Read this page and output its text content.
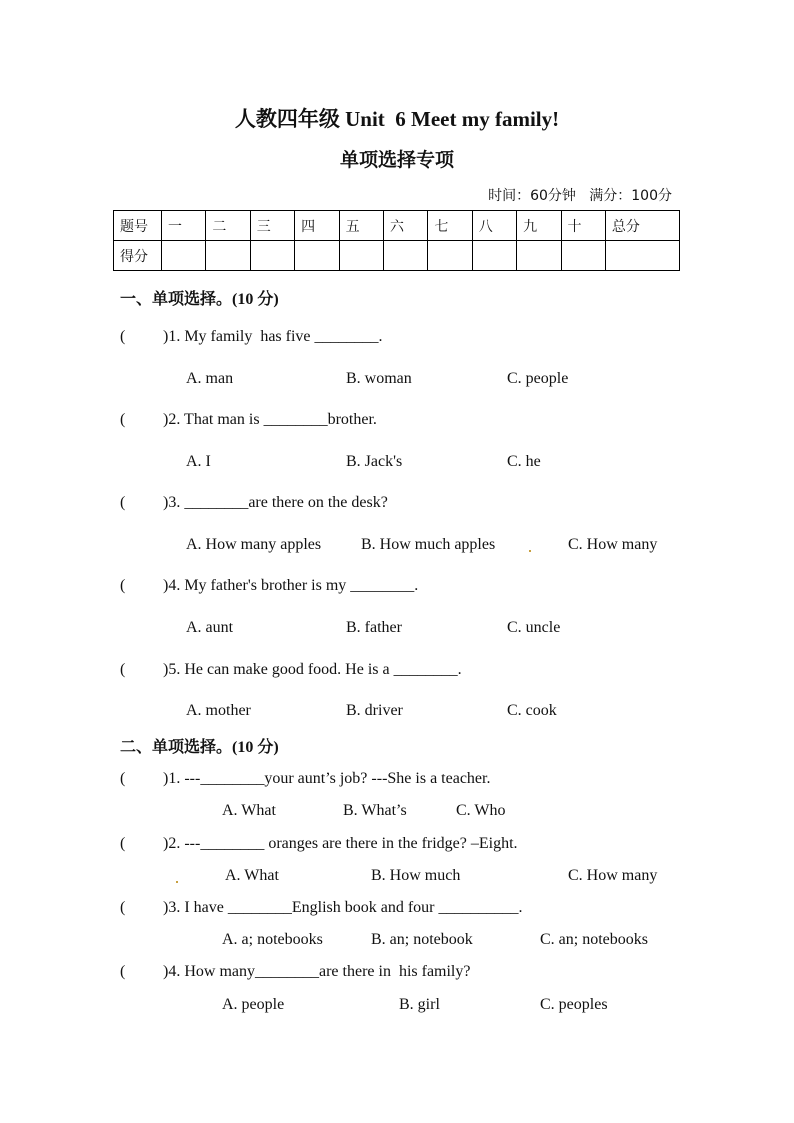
人教四年级 Unit  6 Meet my family!
单项选择专项
时间：60分钟   满分：100分
题号	一	二	三	四	五	六	七	八	九	十	总分
得分											
一、单项选择。(10 分)
( )1. My family  has five ________.
A. man	B. woman	C. people
( )2. That man is ________brother.
A. I	B. Jack's	C. he
( )3. ________are there on the desk?
A. How many apples B. How much apples	C. How many
( )4. My father's brother is my ________.
A. aunt	B. father	C. uncle
( )5. He can make good food. He is a ________.
A. mother	B. driver	C. cook
二、单项选择。(10 分)
( )1. ---________your aunt’s job? ---She is a teacher.
A. What	B. What’s	C. Who
( )2. ---________ oranges are there in the fridge? –Eight.
A. What	B. How much	C. How many
( )3. I have ________English book and four __________.
A. a; notebooks	B. an; notebook	C. an; notebooks
( )4. How many________are there in  his family?
A. people	B. girl	C. peoples
